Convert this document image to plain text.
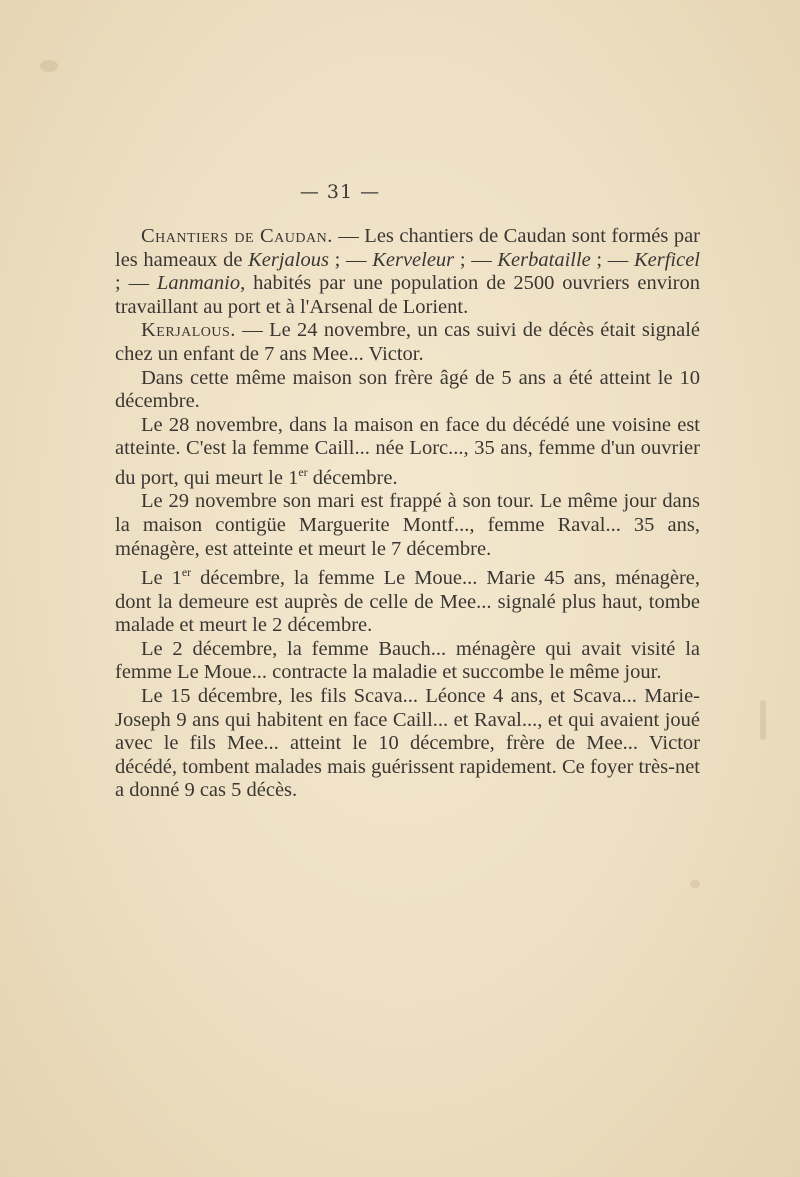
— 31 —

Chantiers de Caudan. — Les chantiers de Caudan sont formés par les hameaux de Kerjalous ; — Kerveleur ; — Kerbataille ; — Kerficel ; — Lanmanio, habités par une population de 2500 ouvriers environ travaillant au port et à l'Arsenal de Lorient.

Kerjalous. — Le 24 novembre, un cas suivi de décès était signalé chez un enfant de 7 ans Mee... Victor.

Dans cette même maison son frère âgé de 5 ans a été atteint le 10 décembre.

Le 28 novembre, dans la maison en face du décédé une voisine est atteinte. C'est la femme Caill... née Lorc..., 35 ans, femme d'un ouvrier du port, qui meurt le 1er décembre.

Le 29 novembre son mari est frappé à son tour. Le même jour dans la maison contigüe Marguerite Montf..., femme Raval... 35 ans, ménagère, est atteinte et meurt le 7 décembre.

Le 1er décembre, la femme Le Moue... Marie 45 ans, ménagère, dont la demeure est auprès de celle de Mee... signalé plus haut, tombe malade et meurt le 2 décembre.

Le 2 décembre, la femme Bauch... ménagère qui avait visité la femme Le Moue... contracte la maladie et succombe le même jour.

Le 15 décembre, les fils Scava... Léonce 4 ans, et Scava... Marie-Joseph 9 ans qui habitent en face Caill... et Raval..., et qui avaient joué avec le fils Mee... atteint le 10 décembre, frère de Mee... Victor décédé, tombent malades mais guérissent rapidement. Ce foyer très-net a donné 9 cas 5 décès.
